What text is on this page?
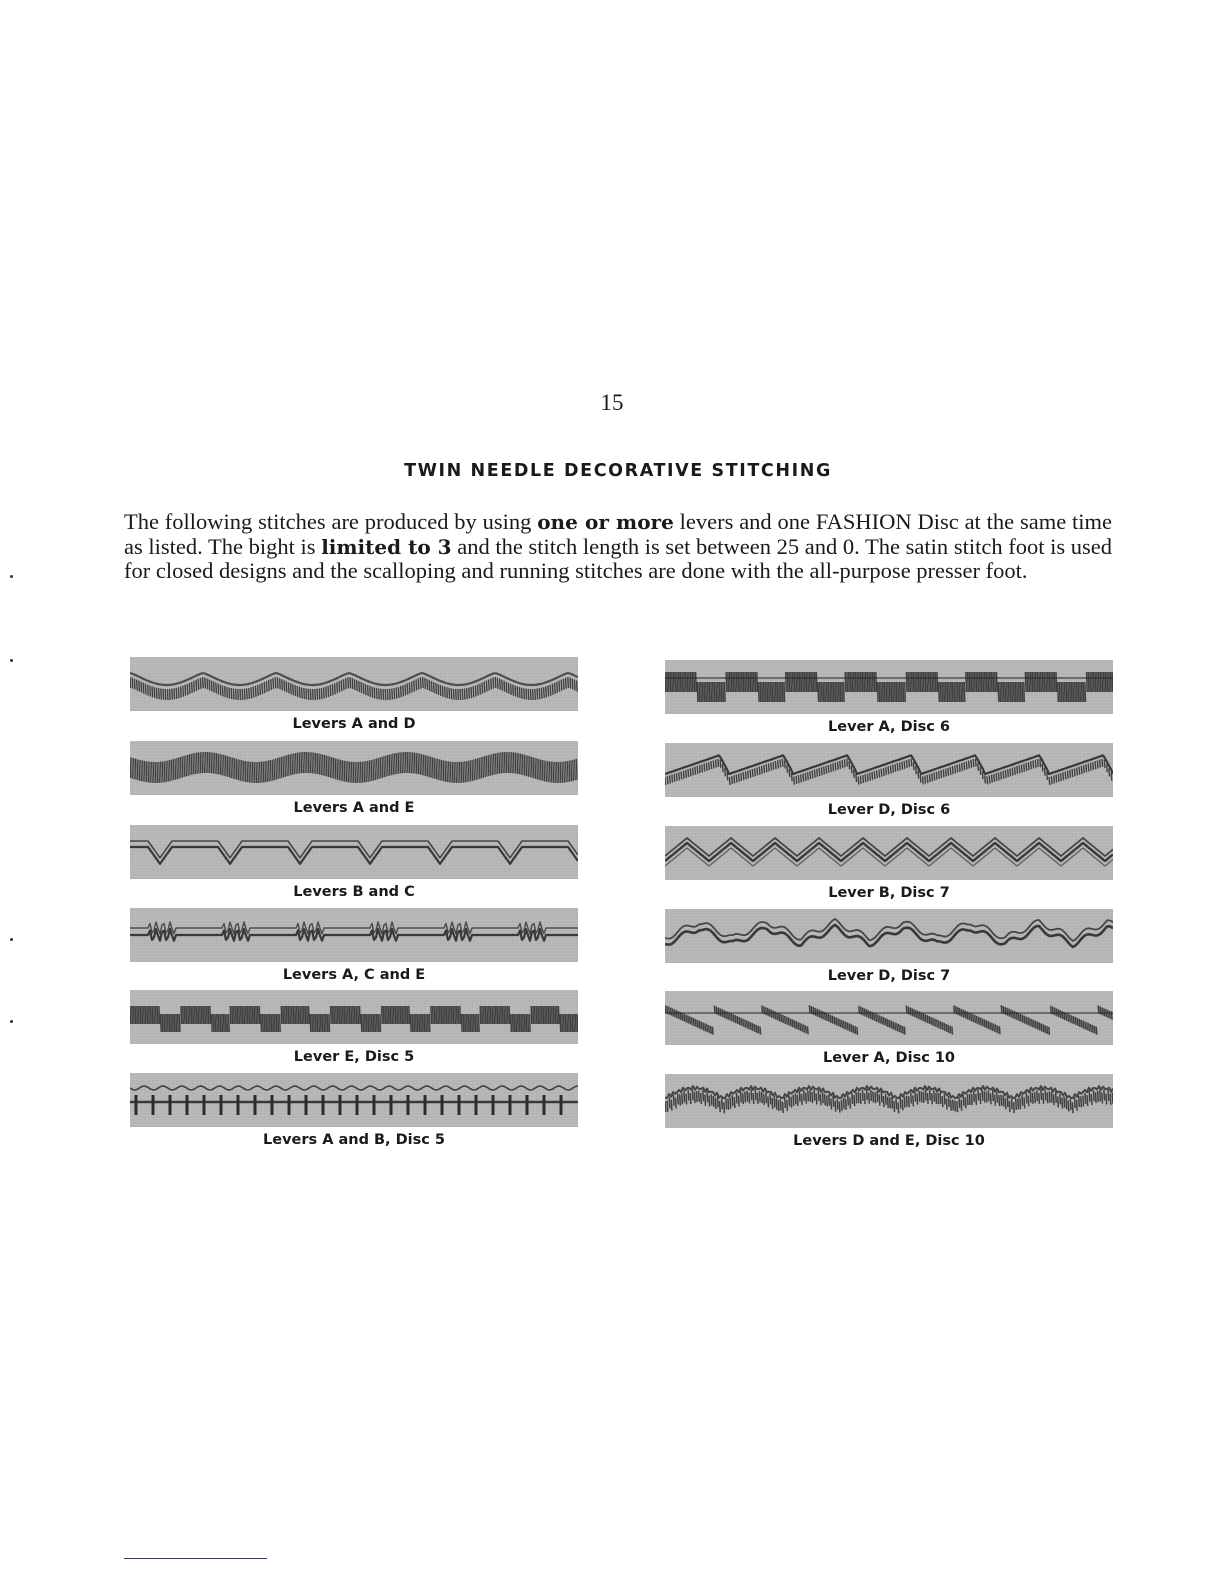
15
TWIN NEEDLE DECORATIVE STITCHING

The following stitches are produced by using one or more levers and one FASHION Disc at the same time as listed. The bight is limited to 3 and the stitch length is set between 25 and 0. The satin stitch foot is used for closed designs and the scalloping and running stitches are done with the all-purpose presser foot.

Levers A and D
Levers A and E
Levers B and C
Levers A, C and E
Lever E, Disc 5
Levers A and B, Disc 5
Lever A, Disc 6
Lever D, Disc 6
Lever B, Disc 7
Lever D, Disc 7
Lever A, Disc 10
Levers D and E, Disc 10
